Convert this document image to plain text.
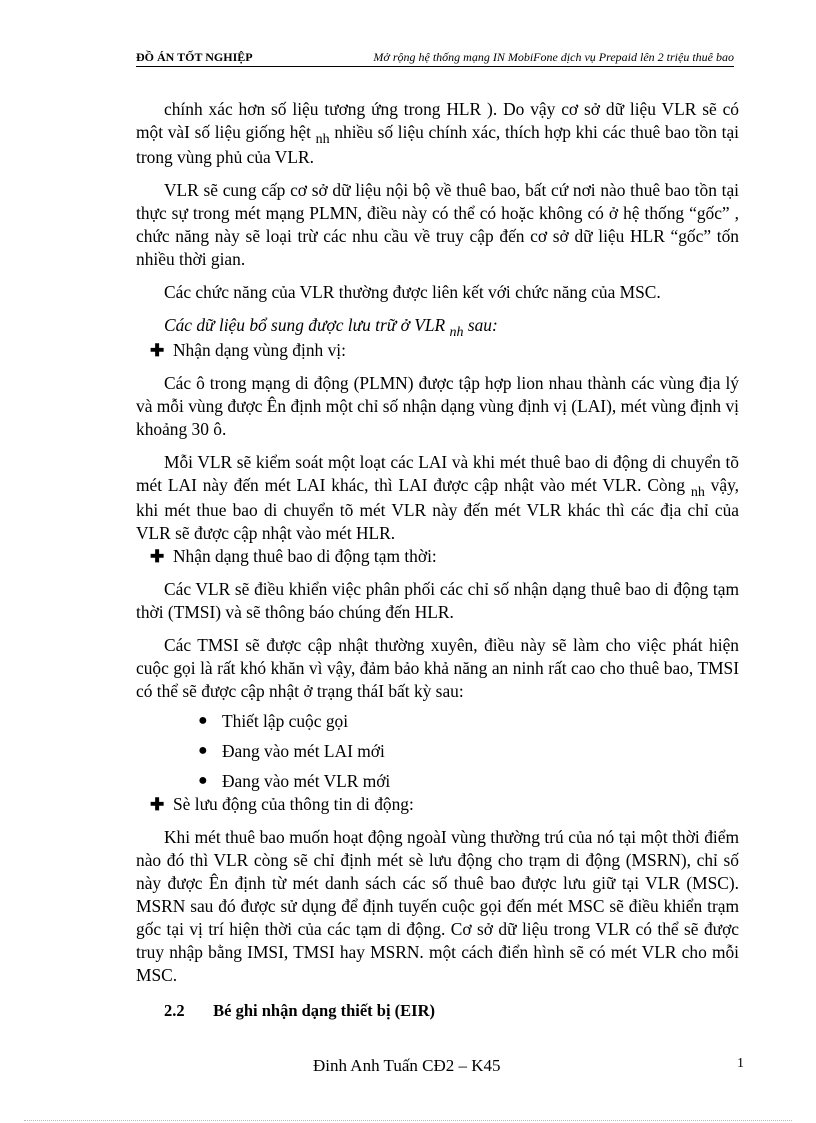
ĐỒ ÁN TỐT NGHIỆP	Mở rộng hệ thống mạng IN MobiFone dịch vụ Prepaid lên 2 triệu thuê bao

chính xác hơn số liệu tương ứng trong HLR ). Do vậy cơ sở dữ liệu VLR sẽ có một vàI số liệu giống hệt $_{nh}$ nhiều số liệu chính xác, thích hợp khi các thuê bao tồn tại trong vùng phủ của VLR.

VLR sẽ cung cấp cơ sở dữ liệu nội bộ về thuê bao, bất cứ nơi nào thuê bao tồn tại thực sự trong mét mạng PLMN, điều này có thể có hoặc không có ở hệ thống “gốc” , chức năng này sẽ loại trừ các nhu cầu về truy cập đến cơ sở dữ liệu HLR “gốc” tốn nhiều thời gian.

Các chức năng của VLR thường được liên kết với chức năng của MSC.

Các dữ liệu bổ sung được lưu trữ ở VLR $_{nh}$ sau:

✚ Nhận dạng vùng định vị:

Các ô trong mạng di động (PLMN) được tập hợp lion nhau thành các vùng địa lý và mỗi vùng được Ên định một chỉ số nhận dạng vùng định vị (LAI), mét vùng định vị khoảng 30 ô.

Mỗi VLR sẽ kiểm soát một loạt các LAI và khi mét thuê bao di động di chuyển tõ mét LAI này đến mét LAI khác, thì LAI được cập nhật vào mét VLR. Còng $_{nh}$ vậy, khi mét thue bao di chuyển tõ mét VLR này đến mét VLR khác thì các địa chỉ của VLR sẽ được cập nhật vào mét HLR.

✚ Nhận dạng thuê bao di động tạm thời:

Các VLR sẽ điều khiển việc phân phối các chỉ số nhận dạng thuê bao di động tạm thời (TMSI) và sẽ thông báo chúng đến HLR.

Các TMSI sẽ được cập nhật thường xuyên, điều này sẽ làm cho việc phát hiện cuộc gọi là rất khó khăn vì vậy, đảm bảo khả năng an ninh rất cao cho thuê bao, TMSI có thể sẽ được cập nhật ở trạng tháI bất kỳ sau:

● Thiết lập cuộc gọi
● Đang vào mét LAI mới
● Đang vào mét VLR mới

✚ Sè lưu động của thông tin di động:

Khi mét thuê bao muốn hoạt động ngoàI vùng thường trú của nó tại một thời điểm nào đó thì VLR còng sẽ chỉ định mét sè lưu động cho trạm di động (MSRN), chỉ số này được Ên định từ mét danh sách các số thuê bao được lưu giữ tại VLR (MSC). MSRN sau đó được sử dụng để định tuyến cuộc gọi đến mét MSC sẽ điều khiển trạm gốc tại vị trí hiện thời của các tạm di động. Cơ sở dữ liệu trong VLR có thể sẽ được truy nhập bằng IMSI, TMSI hay MSRN. một cách điển hình sẽ có mét VLR cho mỗi MSC.

2.2 Bé ghi nhận dạng thiết bị (EIR)

Đinh Anh Tuấn CĐ2 – K45	1
